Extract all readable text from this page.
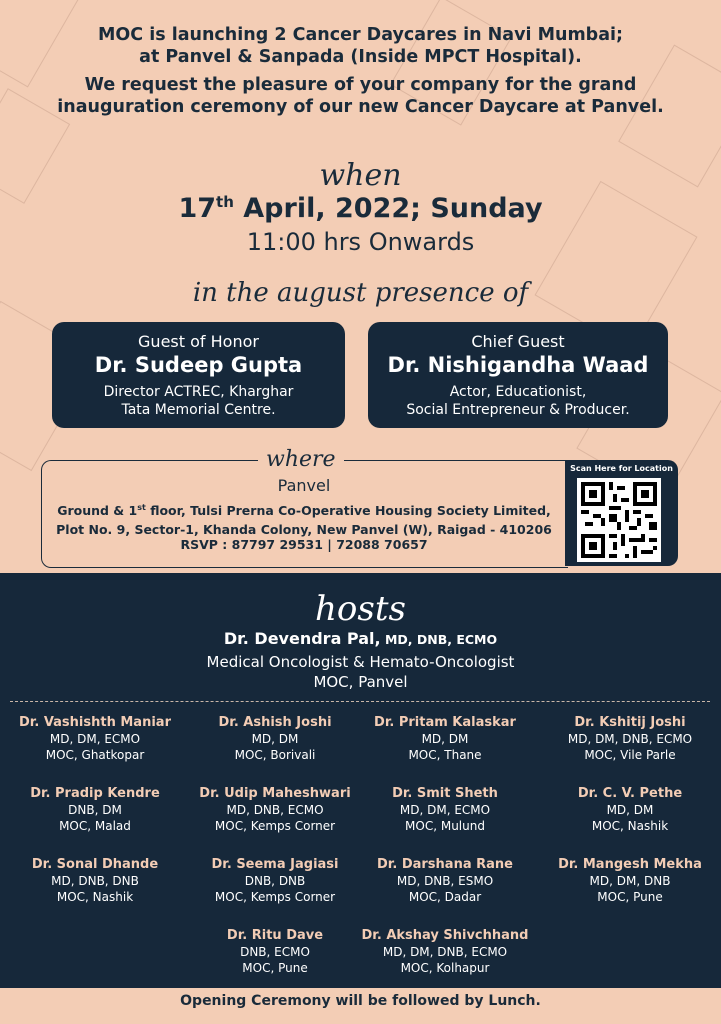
MOC is launching 2 Cancer Daycares in Navi Mumbai;
at Panvel & Sanpada (Inside MPCT Hospital).
We request the pleasure of your company for the grand
inauguration ceremony of our new Cancer Daycare at Panvel.
when
17th April, 2022; Sunday
11:00 hrs Onwards
in the august presence of
Guest of Honor
Dr. Sudeep Gupta
Director ACTREC, Kharghar
Tata Memorial Centre.
Chief Guest
Dr. Nishigandha Waad
Actor, Educationist,
Social Entrepreneur & Producer.
where
Panvel
Ground & 1st floor, Tulsi Prerna Co-Operative Housing Society Limited,
Plot No. 9, Sector-1, Khanda Colony, New Panvel (W), Raigad - 410206
RSVP : 87797 29531 | 72088 70657
Scan Here for Location
hosts
Dr. Devendra Pal, MD, DNB, ECMO
Medical Oncologist & Hemato-Oncologist
MOC, Panvel
Dr. Vashishth Maniar
MD, DM, ECMO
MOC, Ghatkopar
Dr. Ashish Joshi
MD, DM
MOC, Borivali
Dr. Pritam Kalaskar
MD, DM
MOC, Thane
Dr. Kshitij Joshi
MD, DM, DNB, ECMO
MOC, Vile Parle
Dr. Pradip Kendre
DNB, DM
MOC, Malad
Dr. Udip Maheshwari
MD, DNB, ECMO
MOC, Kemps Corner
Dr. Smit Sheth
MD, DM, ECMO
MOC, Mulund
Dr. C. V. Pethe
MD, DM
MOC, Nashik
Dr. Sonal Dhande
MD, DNB, DNB
MOC, Nashik
Dr. Seema Jagiasi
DNB, DNB
MOC, Kemps Corner
Dr. Darshana Rane
MD, DNB, ESMO
MOC, Dadar
Dr. Mangesh Mekha
MD, DM, DNB
MOC, Pune
Dr. Ritu Dave
DNB, ECMO
MOC, Pune
Dr. Akshay Shivchhand
MD, DM, DNB, ECMO
MOC, Kolhapur
Opening Ceremony will be followed by Lunch.
